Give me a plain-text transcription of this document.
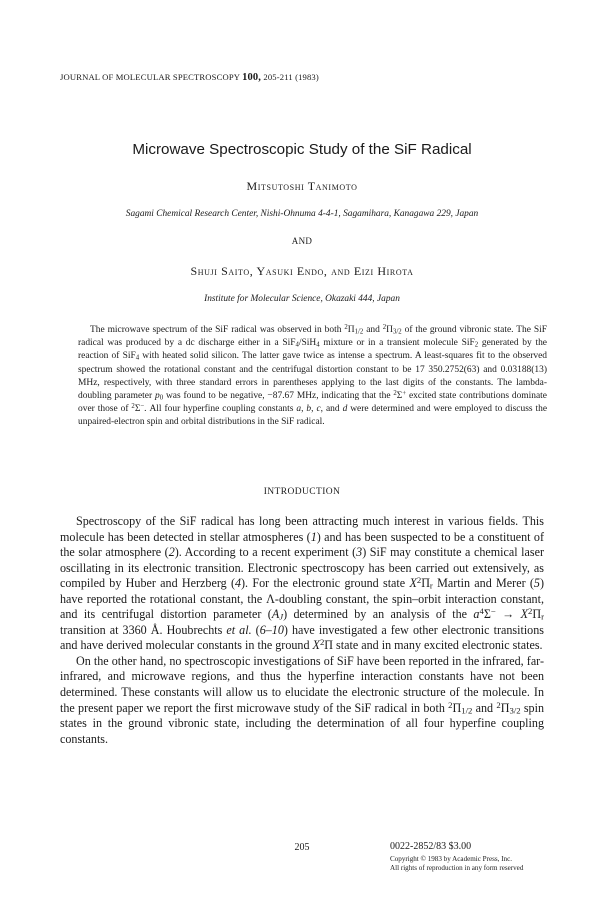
JOURNAL OF MOLECULAR SPECTROSCOPY 100, 205-211 (1983)
Microwave Spectroscopic Study of the SiF Radical
Mitsutoshi Tanimoto
Sagami Chemical Research Center, Nishi-Ohnuma 4-4-1, Sagamihara, Kanagawa 229, Japan
AND
Shuji Saito, Yasuki Endo, and Eizi Hirota
Institute for Molecular Science, Okazaki 444, Japan

The microwave spectrum of the SiF radical was observed in both $^2\Pi_{1/2}$ and $^2\Pi_{3/2}$ of the ground vibronic state. The SiF radical was produced by a dc discharge either in a SiF$_4$/SiH$_4$ mixture or in a transient molecule SiF$_2$ generated by the reaction of SiF$_4$ with heated solid silicon. The latter gave twice as intense a spectrum. A least-squares fit to the observed spectrum showed the rotational constant and the centrifugal distortion constant to be 17 350.2752(63) and 0.03188(13) MHz, respectively, with three standard errors in parentheses applying to the last digits of the constants. The lambda-doubling parameter $p_0$ was found to be negative, −87.67 MHz, indicating that the $^2$Σ+ excited state contributions dominate over those of $^2$Σ−. All four hyperfine coupling constants a, b, c, and d were determined and were employed to discuss the unpaired-electron spin and orbital distributions in the SiF radical.

INTRODUCTION

Spectroscopy of the SiF radical has long been attracting much interest in various fields. This molecule has been detected in stellar atmospheres (1) and has been suspected to be a constituent of the solar atmosphere (2). According to a recent experiment (3) SiF may constitute a chemical laser oscillating in its electronic transition. Electronic spectroscopy has been carried out extensively, as compiled by Huber and Herzberg (4). For the electronic ground state $X^2\Pi_r$ Martin and Merer (5) have reported the rotational constant, the Λ-doubling constant, the spin–orbit interaction constant, and its centrifugal distortion parameter $(A_J)$ determined by an analysis of the $a^4\Sigma^- \to X^2\Pi_r$ transition at 3360 Å. Houbrechts et al. (6–10) have investigated a few other electronic transitions and have derived molecular constants in the ground $X^2\Pi$ state and in many excited electronic states.

On the other hand, no spectroscopic investigations of SiF have been reported in the infrared, far-infrared, and microwave regions, and thus the hyperfine interaction constants have not been determined. These constants will allow us to elucidate the electronic structure of the molecule. In the present paper we report the first microwave study of the SiF radical in both $^2\Pi_{1/2}$ and $^2\Pi_{3/2}$ spin states in the ground vibronic state, including the determination of all four hyperfine coupling constants.

205	0022-2852/83 $3.00
Copyright © 1983 by Academic Press, Inc.
All rights of reproduction in any form reserved
